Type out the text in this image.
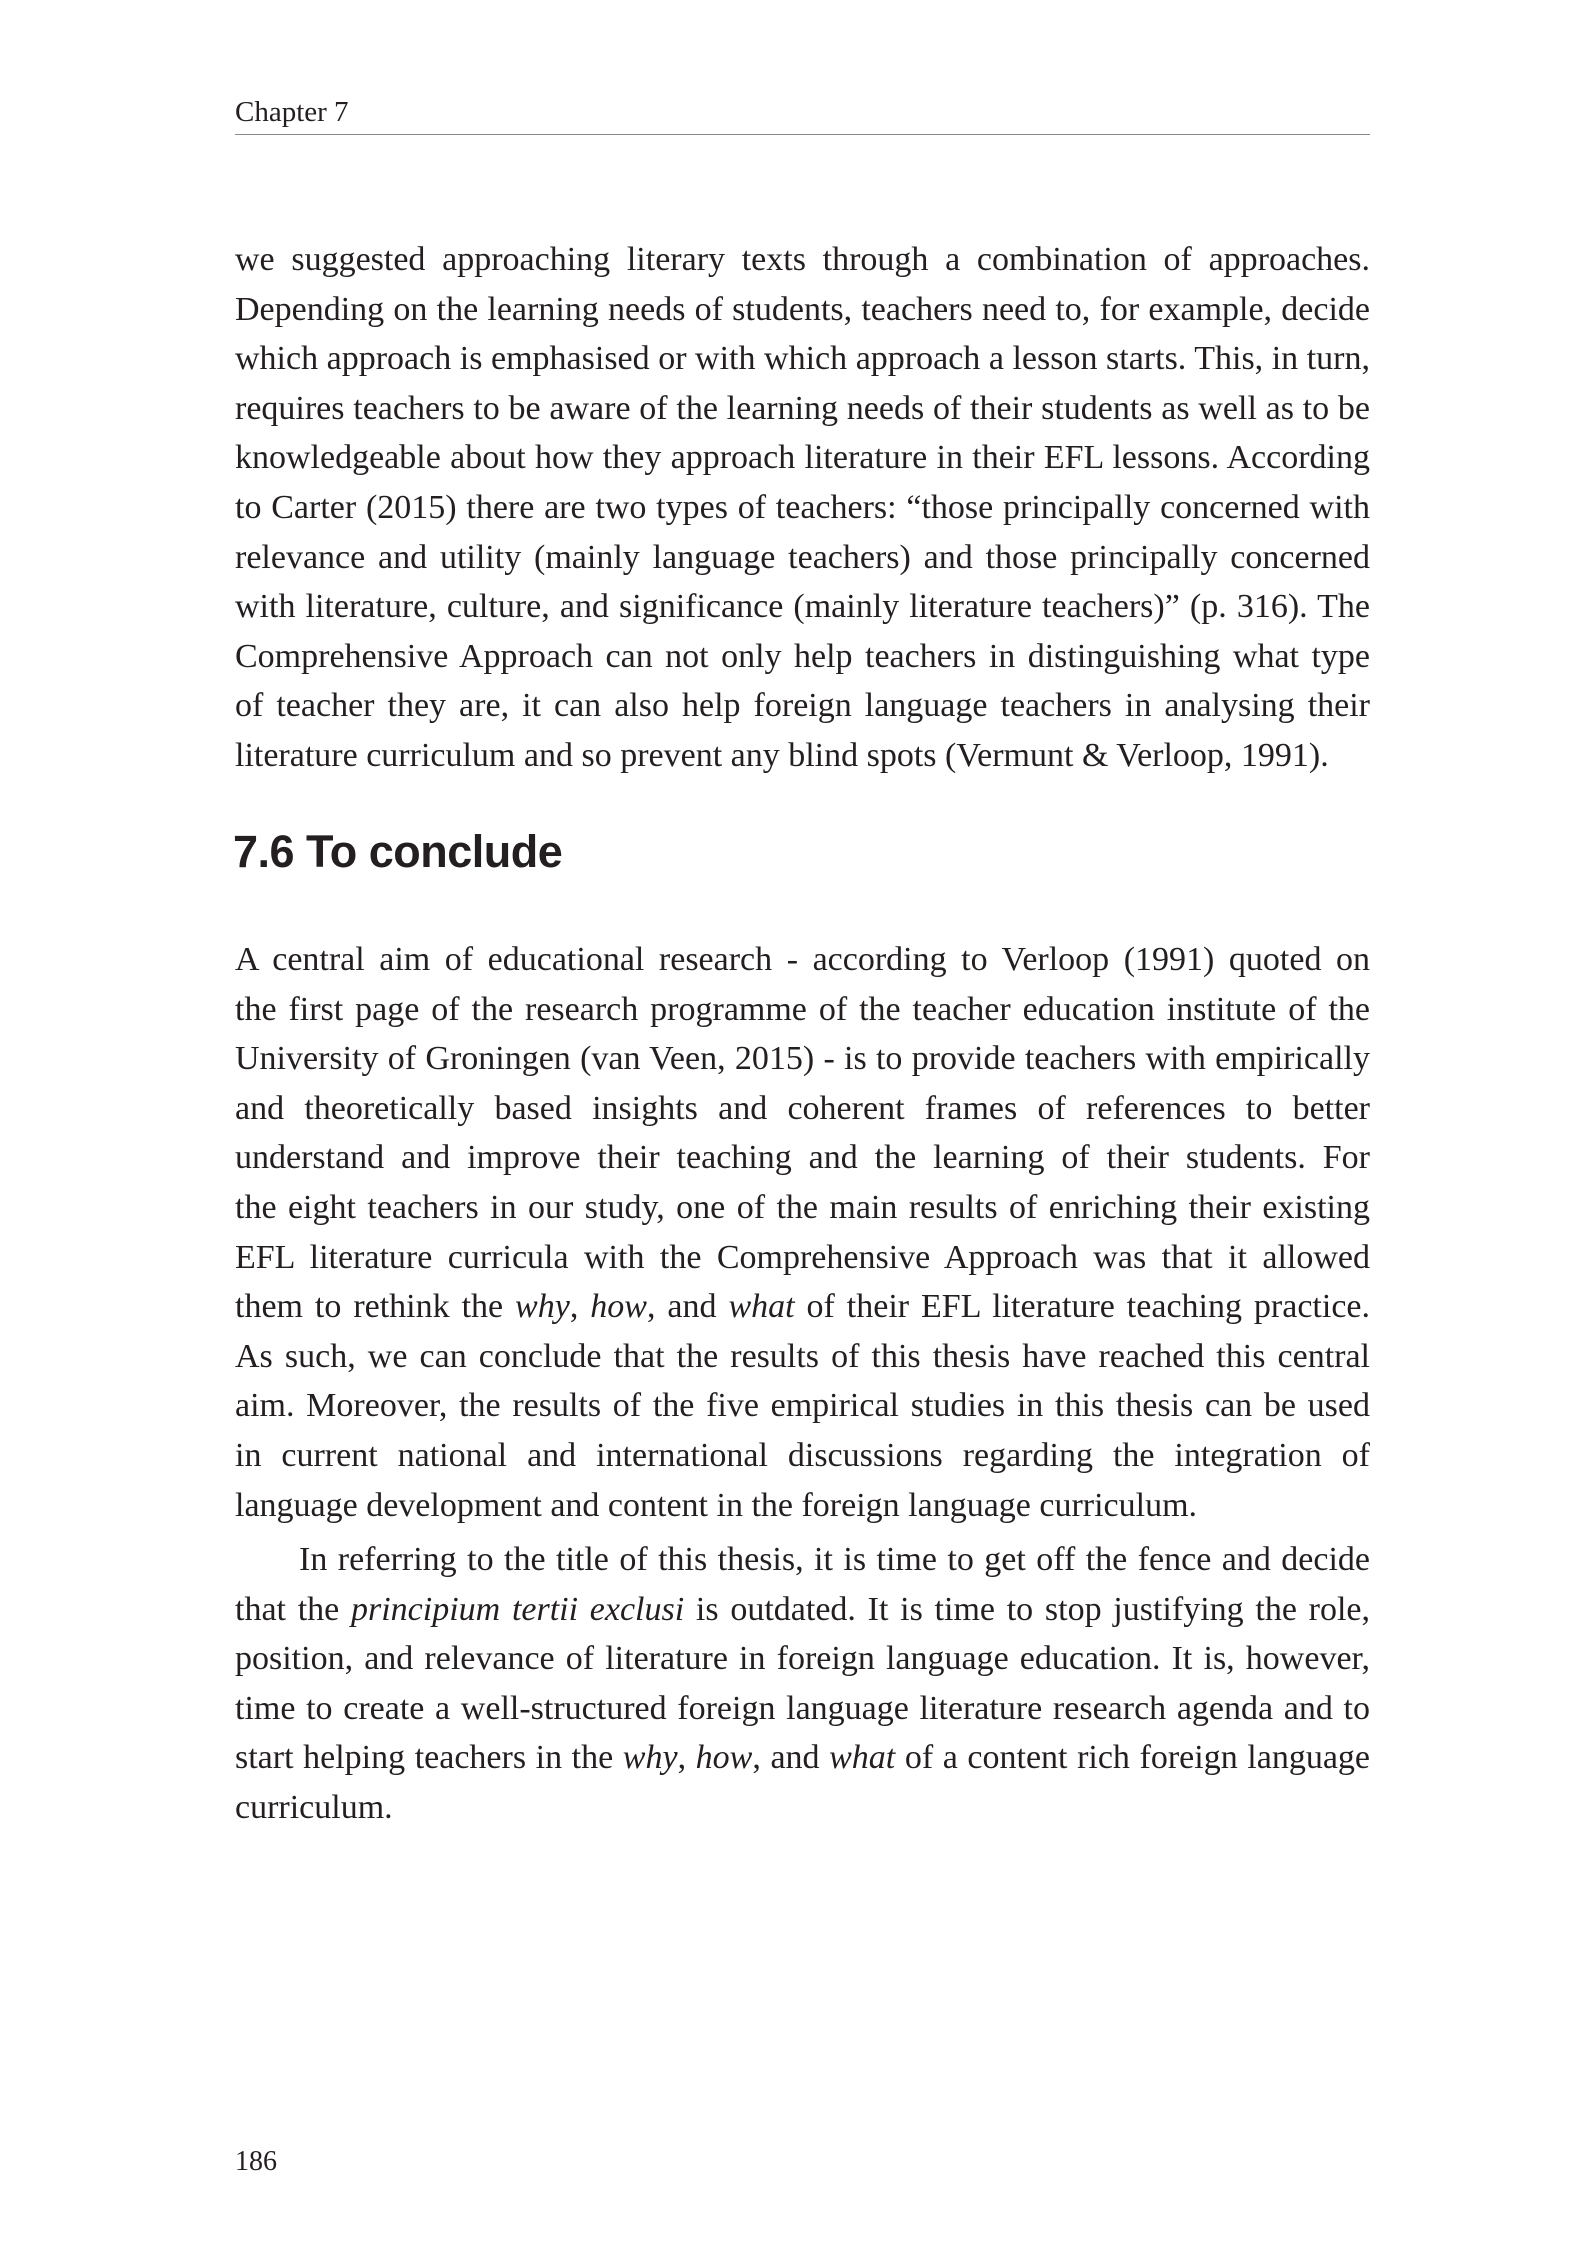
Chapter 7
we suggested approaching literary texts through a combination of approaches.
Depending on the learning needs of students, teachers need to, for example, decide
which approach is emphasised or with which approach a lesson starts. This, in turn,
requires teachers to be aware of the learning needs of their students as well as to be
knowledgeable about how they approach literature in their EFL lessons. According
to Carter (2015) there are two types of teachers: “those principally concerned with
relevance and utility (mainly language teachers) and those principally concerned
with literature, culture, and significance (mainly literature teachers)” (p. 316). The
Comprehensive Approach can not only help teachers in distinguishing what type
of teacher they are, it can also help foreign language teachers in analysing their
literature curriculum and so prevent any blind spots (Vermunt & Verloop, 1991).
7.6 To conclude
A central aim of educational research - according to Verloop (1991) quoted on
the first page of the research programme of the teacher education institute of the
University of Groningen (van Veen, 2015) - is to provide teachers with empirically
and theoretically based insights and coherent frames of references to better
understand and improve their teaching and the learning of their students. For
the eight teachers in our study, one of the main results of enriching their existing
EFL literature curricula with the Comprehensive Approach was that it allowed
them to rethink the why, how, and what of their EFL literature teaching practice.
As such, we can conclude that the results of this thesis have reached this central
aim. Moreover, the results of the five empirical studies in this thesis can be used
in current national and international discussions regarding the integration of
language development and content in the foreign language curriculum.
In referring to the title of this thesis, it is time to get off the fence and decide
that the principium tertii exclusi is outdated. It is time to stop justifying the role,
position, and relevance of literature in foreign language education. It is, however,
time to create a well-structured foreign language literature research agenda and to
start helping teachers in the why, how, and what of a content rich foreign language
curriculum.
186
